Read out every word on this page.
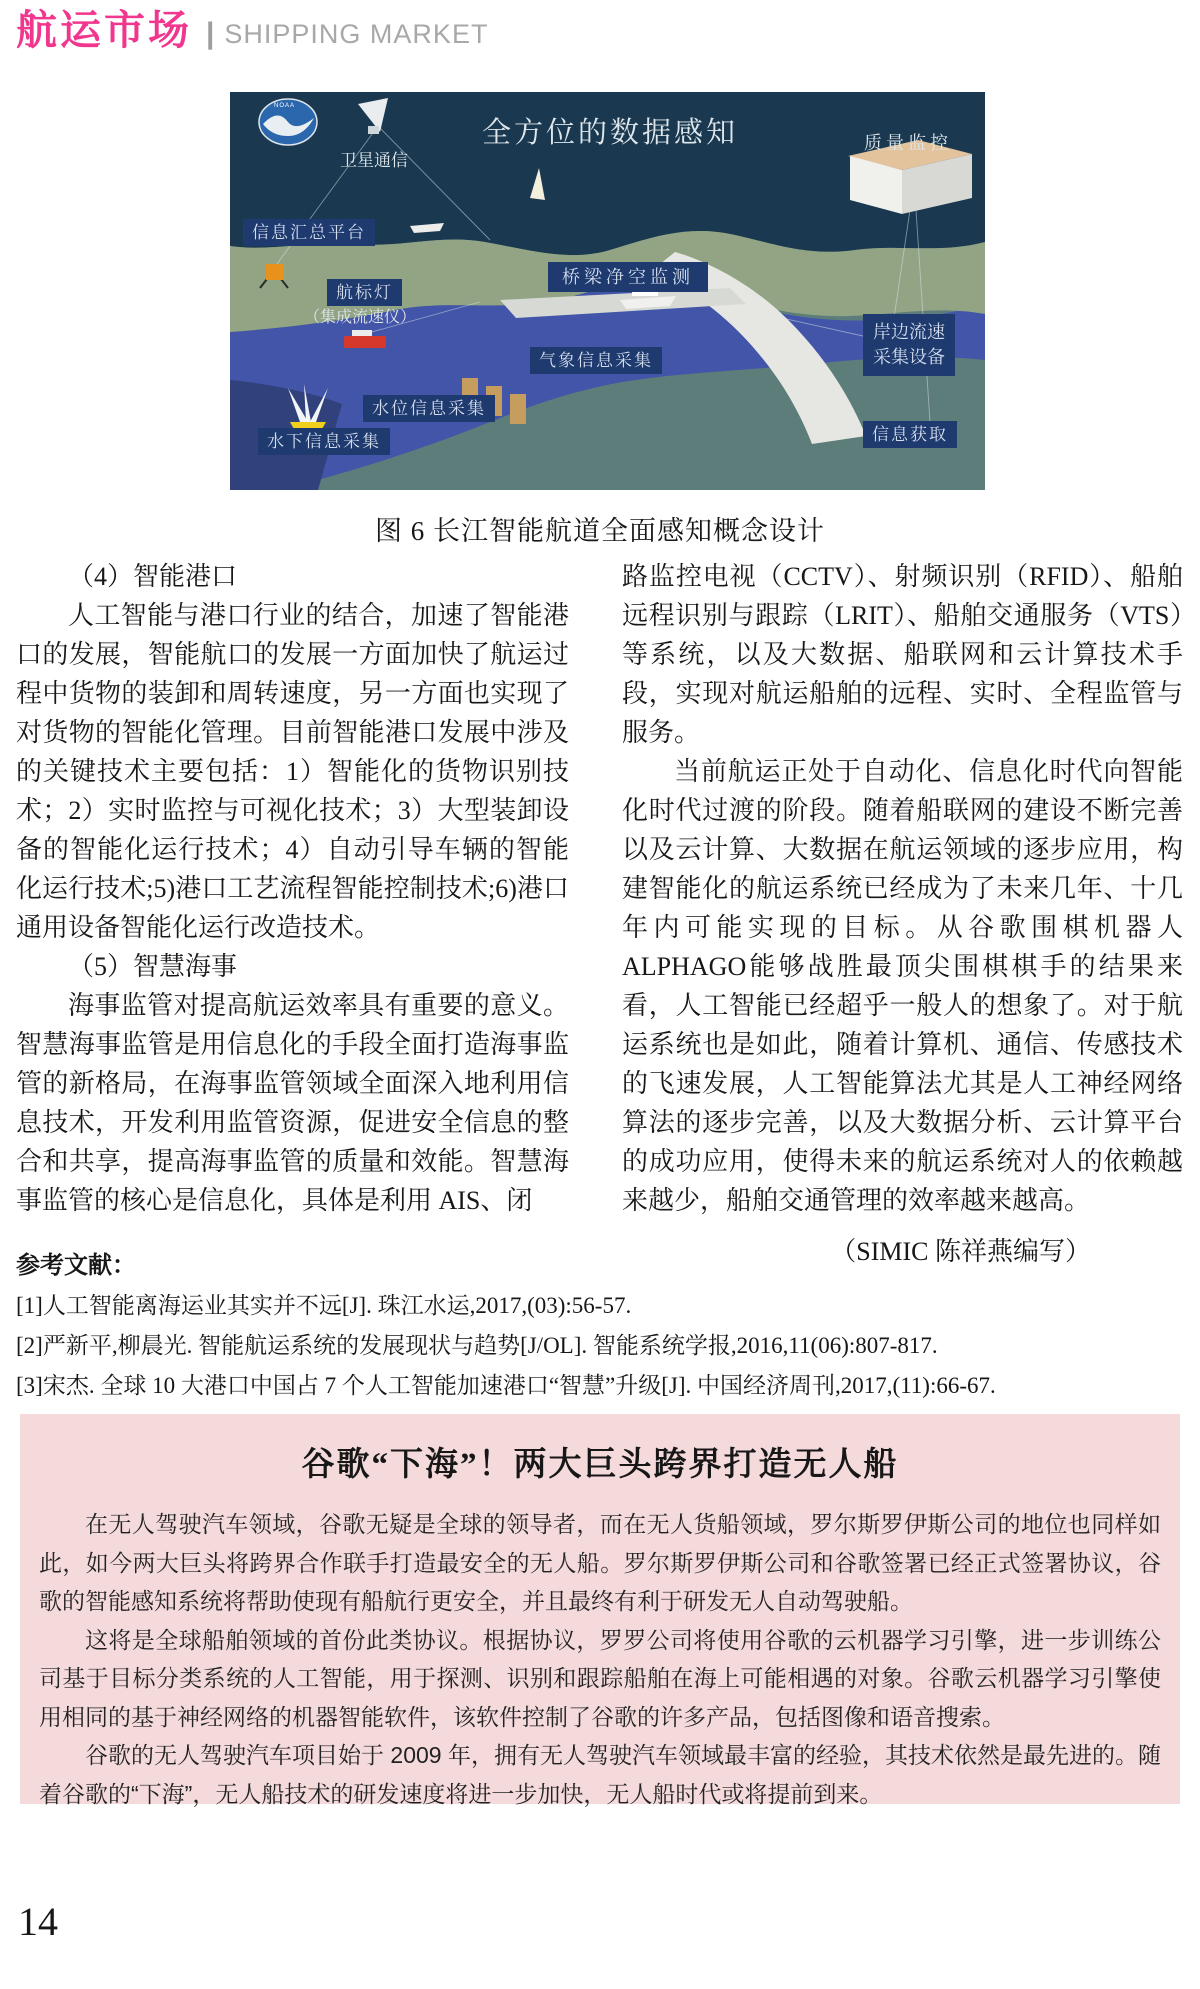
航运市场 | SHIPPING MARKET
NOAA
全方位的数据感知
卫星通信
信息汇总平台
航标灯
（集成流速仪）
桥梁净空监测
气象信息采集
水位信息采集
水下信息采集
质量监控
岸边流速
采集设备
信息获取
图 6 长江智能航道全面感知概念设计

（4）智能港口

人工智能与港口行业的结合，加速了智能港口的发展，智能航口的发展一方面加快了航运过程中货物的装卸和周转速度，另一方面也实现了对货物的智能化管理。目前智能港口发展中涉及的关键技术主要包括：1）智能化的货物识别技术；2）实时监控与可视化技术；3）大型装卸设备的智能化运行技术；4）自动引导车辆的智能化运行技术;5)港口工艺流程智能控制技术;6)港口通用设备智能化运行改造技术。

（5）智慧海事

海事监管对提高航运效率具有重要的意义。智慧海事监管是用信息化的手段全面打造海事监管的新格局，在海事监管领域全面深入地利用信息技术，开发利用监管资源，促进安全信息的整合和共享，提高海事监管的质量和效能。智慧海事监管的核心是信息化，具体是利用 AIS、闭

路监控电视（CCTV）、射频识别（RFID）、船舶远程识别与跟踪（LRIT）、船舶交通服务（VTS）等系统，以及大数据、船联网和云计算技术手段，实现对航运船舶的远程、实时、全程监管与服务。

当前航运正处于自动化、信息化时代向智能化时代过渡的阶段。随着船联网的建设不断完善以及云计算、大数据在航运领域的逐步应用，构建智能化的航运系统已经成为了未来几年、十几年内可能实现的目标。从谷歌围棋机器人ALPHAGO能够战胜最顶尖围棋棋手的结果来看，人工智能已经超乎一般人的想象了。对于航运系统也是如此，随着计算机、通信、传感技术的飞速发展，人工智能算法尤其是人工神经网络算法的逐步完善，以及大数据分析、云计算平台的成功应用，使得未来的航运系统对人的依赖越来越少，船舶交通管理的效率越来越高。

（SIMIC 陈祥燕编写）

参考文献：
[1]人工智能离海运业其实并不远[J]. 珠江水运,2017,(03):56-57.
[2]严新平,柳晨光. 智能航运系统的发展现状与趋势[J/OL]. 智能系统学报,2016,11(06):807-817.
[3]宋杰. 全球 10 大港口中国占 7 个人工智能加速港口“智慧”升级[J]. 中国经济周刊,2017,(11):66-67.
谷歌“下海”！两大巨头跨界打造无人船

在无人驾驶汽车领域，谷歌无疑是全球的领导者，而在无人货船领域，罗尔斯罗伊斯公司的地位也同样如此，如今两大巨头将跨界合作联手打造最安全的无人船。罗尔斯罗伊斯公司和谷歌签署已经正式签署协议，谷歌的智能感知系统将帮助使现有船航行更安全，并且最终有利于研发无人自动驾驶船。

这将是全球船舶领域的首份此类协议。根据协议，罗罗公司将使用谷歌的云机器学习引擎，进一步训练公司基于目标分类系统的人工智能，用于探测、识别和跟踪船舶在海上可能相遇的对象。谷歌云机器学习引擎使用相同的基于神经网络的机器智能软件，该软件控制了谷歌的许多产品，包括图像和语音搜索。

谷歌的无人驾驶汽车项目始于 2009 年，拥有无人驾驶汽车领域最丰富的经验，其技术依然是最先进的。随着谷歌的“下海”，无人船技术的研发速度将进一步加快，无人船时代或将提前到来。

14
